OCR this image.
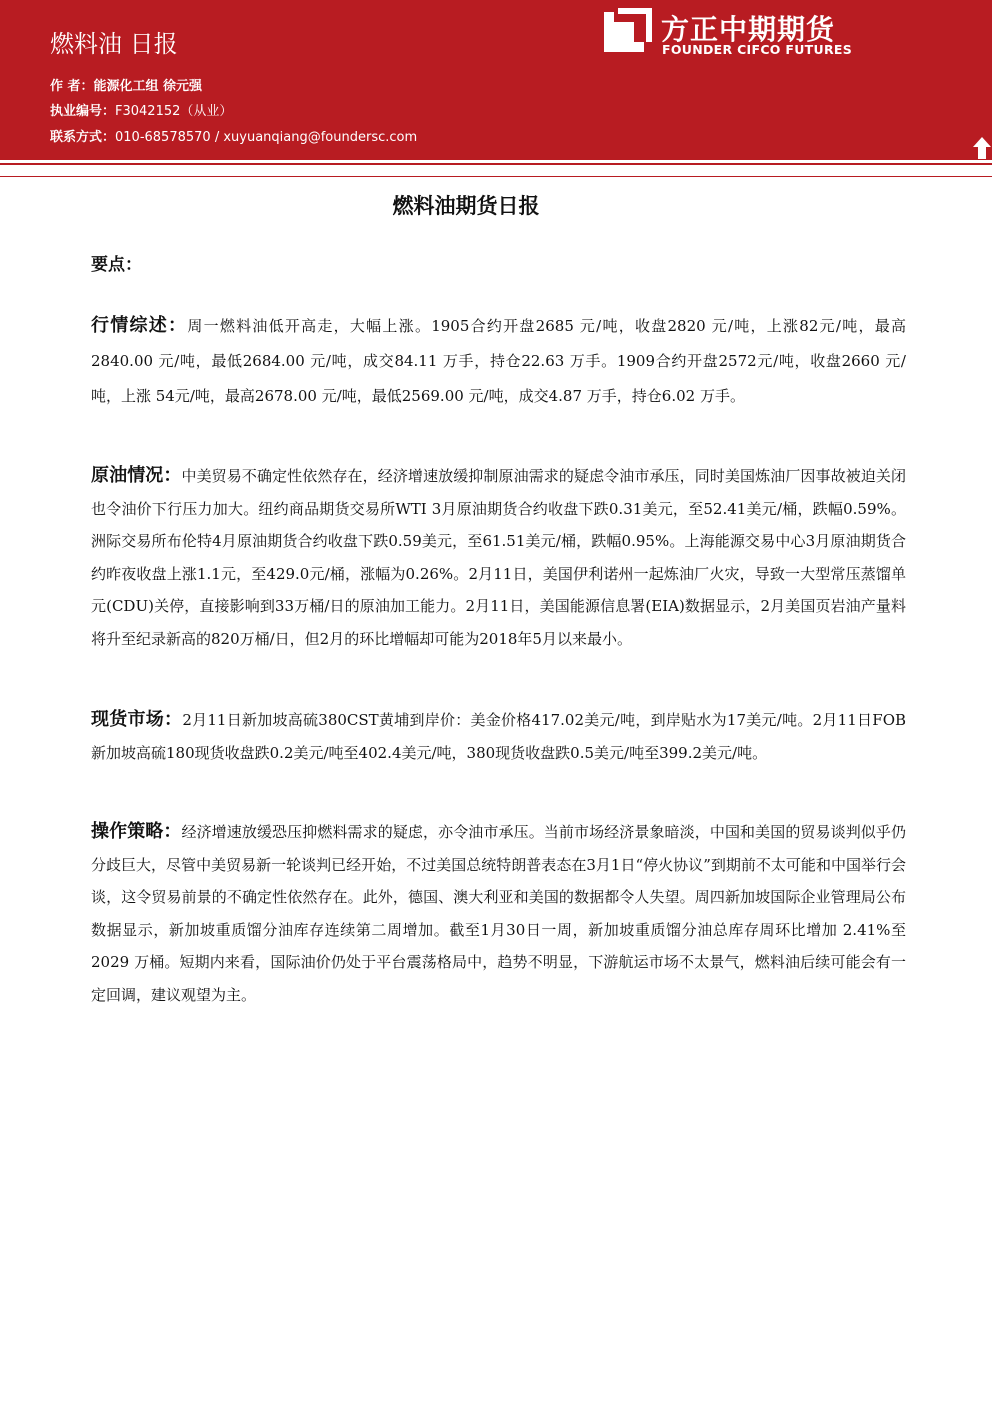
燃料油 日报
作 者：能源化工组 徐元强
执业编号：F3042152（从业）
联系方式：010-68578570 / xuyuanqiang@foundersc.com
方正中期期货
FOUNDER CIFCO FUTURES
燃料油期货日报
要点：

行情综述：周一燃料油低开高走，大幅上涨。1905合约开盘2685 元/吨，收盘2820 元/吨，上涨82元/吨，最高2840.00 元/吨，最低2684.00 元/吨，成交84.11 万手，持仓22.63 万手。1909合约开盘2572元/吨，收盘2660 元/吨，上涨 54元/吨，最高2678.00 元/吨，最低2569.00 元/吨，成交4.87 万手，持仓6.02 万手。

原油情况：中美贸易不确定性依然存在，经济增速放缓抑制原油需求的疑虑令油市承压，同时美国炼油厂因事故被迫关闭也令油价下行压力加大。纽约商品期货交易所WTI 3月原油期货合约收盘下跌0.31美元，至52.41美元/桶，跌幅0.59%。洲际交易所布伦特4月原油期货合约收盘下跌0.59美元，至61.51美元/桶，跌幅0.95%。上海能源交易中心3月原油期货合约昨夜收盘上涨1.1元，至429.0元/桶，涨幅为0.26%。2月11日，美国伊利诺州一起炼油厂火灾，导致一大型常压蒸馏单元(CDU)关停，直接影响到33万桶/日的原油加工能力。2月11日，美国能源信息署(EIA)数据显示，2月美国页岩油产量料将升至纪录新高的820万桶/日，但2月的环比增幅却可能为2018年5月以来最小。

现货市场：2月11日新加坡高硫380CST黄埔到岸价：美金价格417.02美元/吨，到岸贴水为17美元/吨。2月11日FOB新加坡高硫180现货收盘跌0.2美元/吨至402.4美元/吨，380现货收盘跌0.5美元/吨至399.2美元/吨。

操作策略：经济增速放缓恐压抑燃料需求的疑虑，亦令油市承压。当前市场经济景象暗淡，中国和美国的贸易谈判似乎仍分歧巨大，尽管中美贸易新一轮谈判已经开始，不过美国总统特朗普表态在3月1日“停火协议”到期前不太可能和中国举行会谈，这令贸易前景的不确定性依然存在。此外，德国、澳大利亚和美国的数据都令人失望。周四新加坡国际企业管理局公布数据显示，新加坡重质馏分油库存连续第二周增加。截至1月30日一周，新加坡重质馏分油总库存周环比增加 2.41%至 2029 万桶。短期内来看，国际油价仍处于平台震荡格局中，趋势不明显，下游航运市场不太景气，燃料油后续可能会有一定回调，建议观望为主。
